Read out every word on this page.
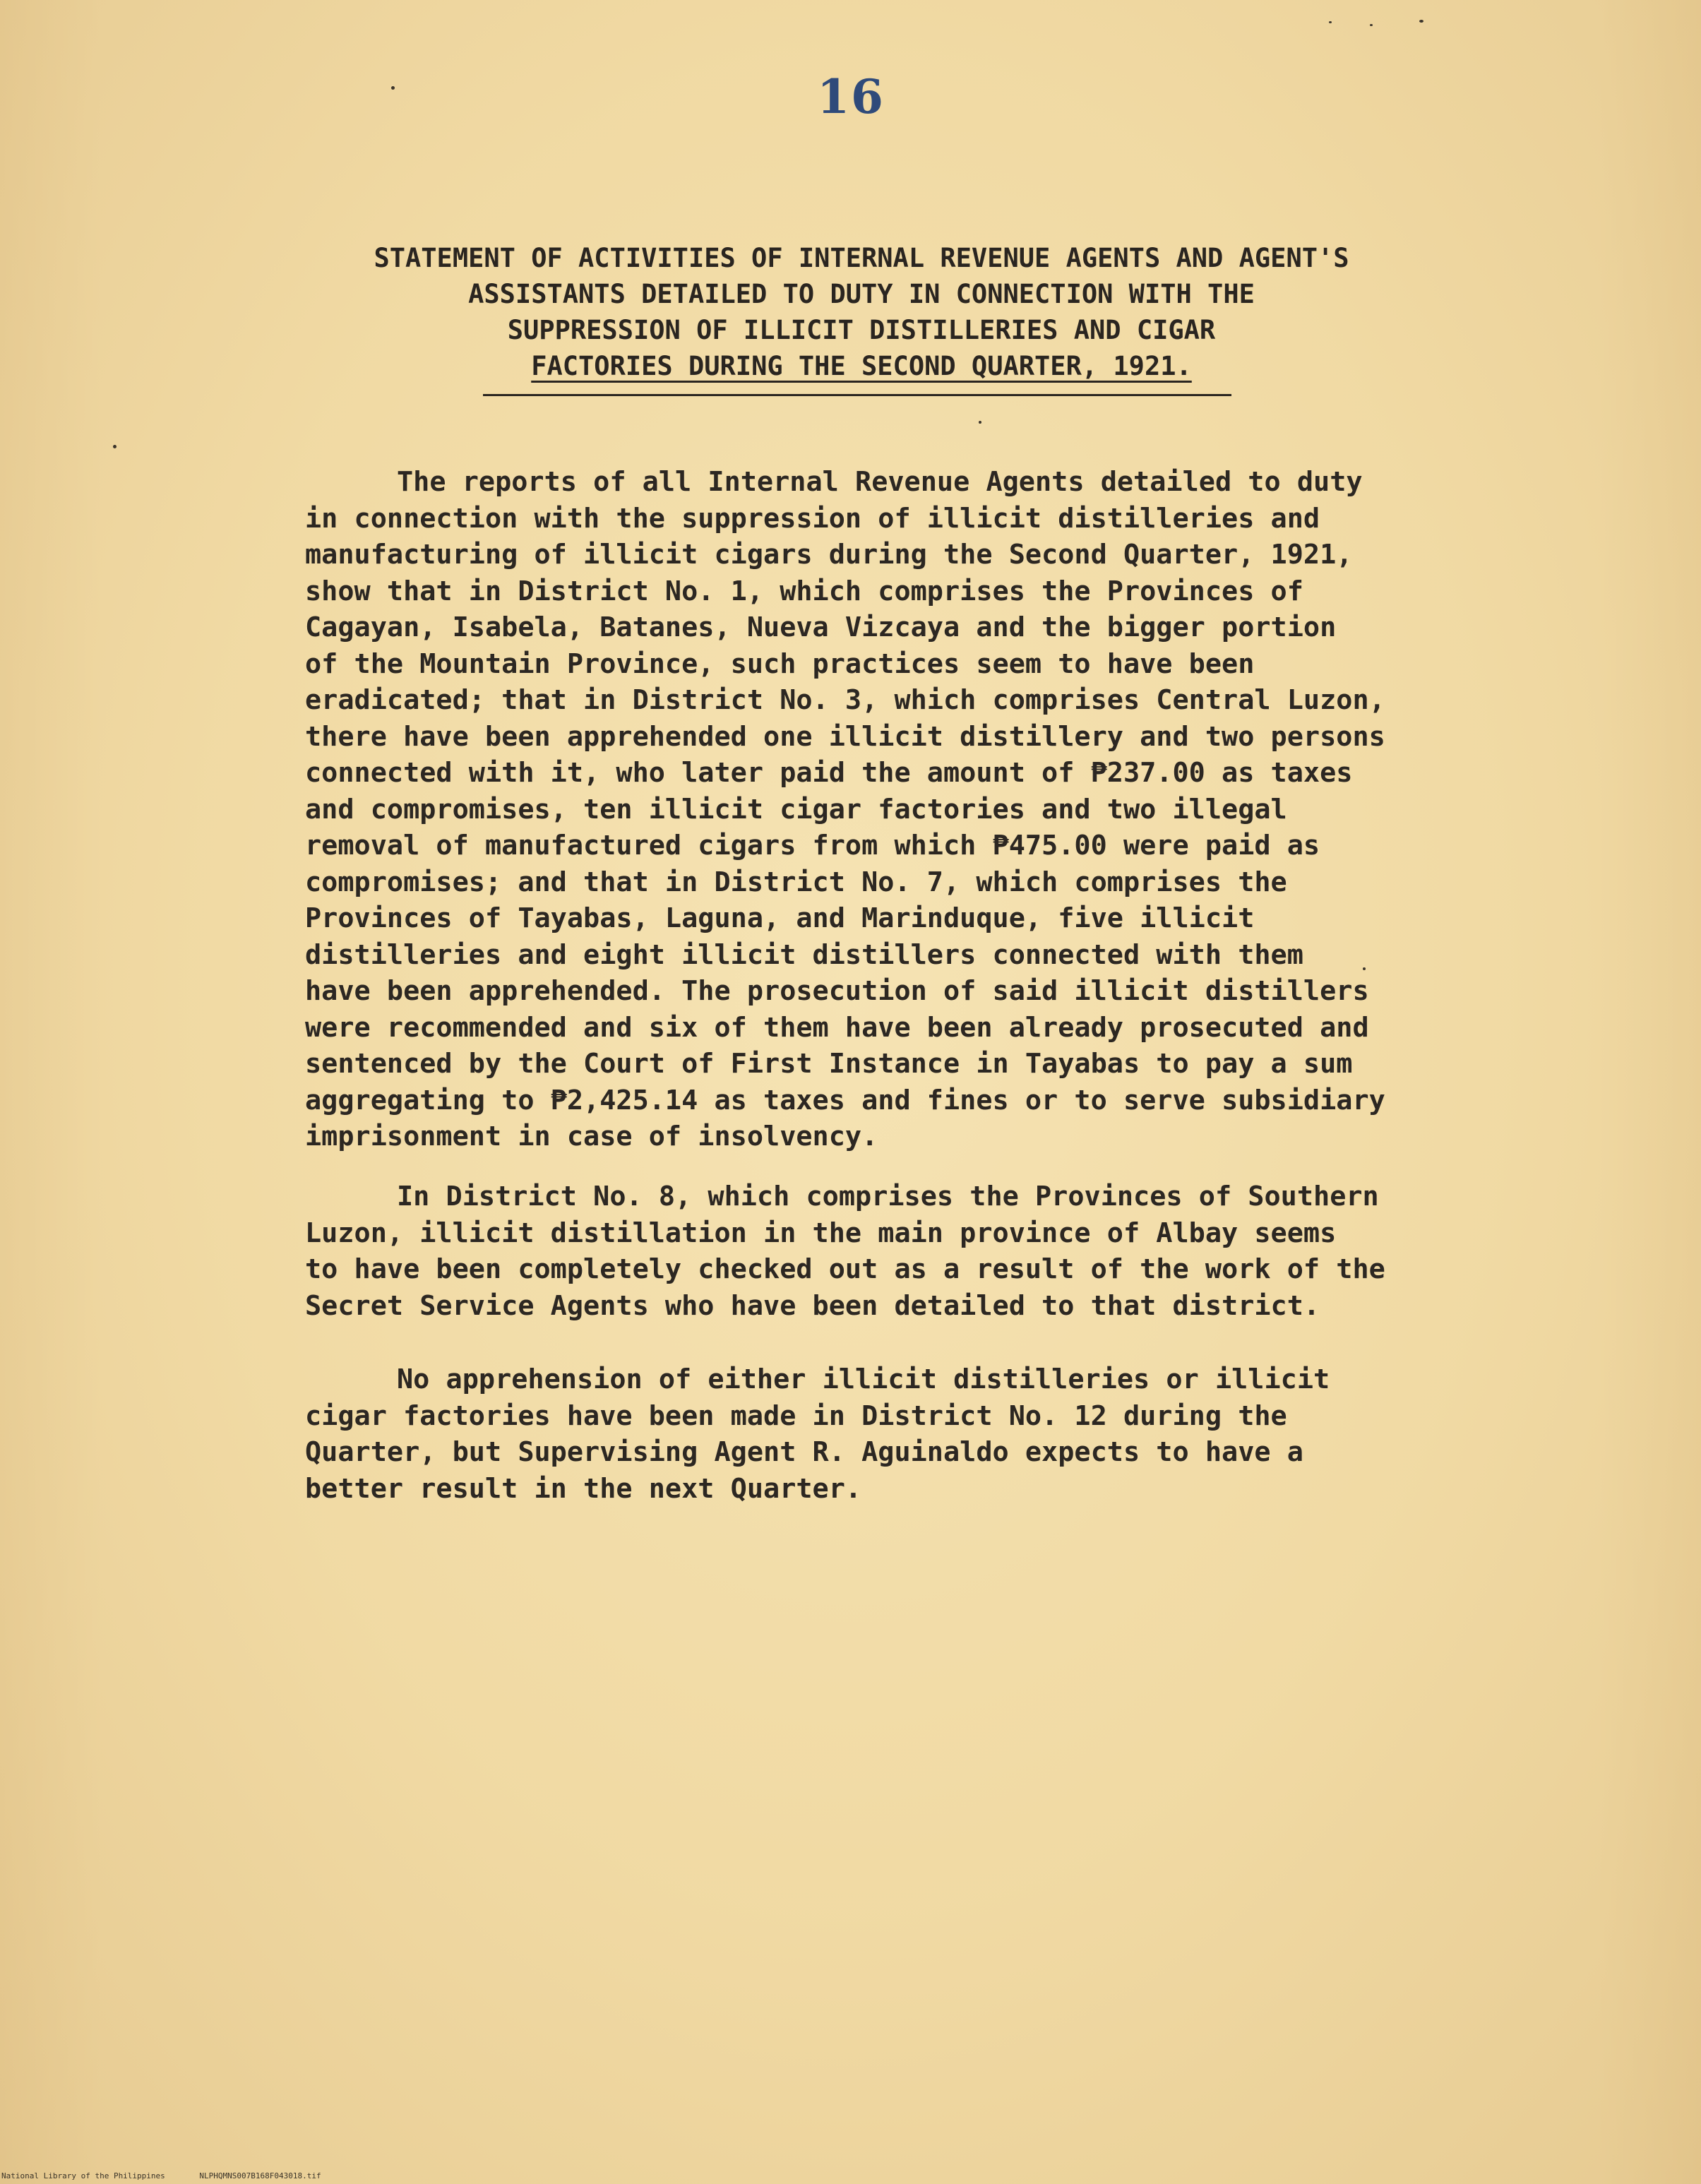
16
STATEMENT OF ACTIVITIES OF INTERNAL REVENUE AGENTS AND AGENT'S
ASSISTANTS DETAILED TO DUTY IN CONNECTION WITH THE
SUPPRESSION OF ILLICIT DISTILLERIES AND CIGAR
FACTORIES DURING THE SECOND QUARTER, 1921.
The reports of all Internal Revenue Agents detailed to duty
in connection with the suppression of illicit distilleries and
manufacturing of illicit cigars during the Second Quarter, 1921,
show that in District No. 1, which comprises the Provinces of
Cagayan, Isabela, Batanes, Nueva Vizcaya and the bigger portion
of the Mountain Province, such practices seem to have been
eradicated; that in District No. 3, which comprises Central Luzon,
there have been apprehended one illicit distillery and two persons
connected with it, who later paid the amount of ₱237.00 as taxes
and compromises, ten illicit cigar factories and two illegal
removal of manufactured cigars from which ₱475.00 were paid as
compromises; and that in District No. 7, which comprises the
Provinces of Tayabas, Laguna, and Marinduque, five illicit
distilleries and eight illicit distillers connected with them
have been apprehended. The prosecution of said illicit distillers
were recommended and six of them have been already prosecuted and
sentenced by the Court of First Instance in Tayabas to pay a sum
aggregating to ₱2,425.14 as taxes and fines or to serve subsidiary
imprisonment in case of insolvency.
In District No. 8, which comprises the Provinces of Southern
Luzon, illicit distillation in the main province of Albay seems
to have been completely checked out as a result of the work of the
Secret Service Agents who have been detailed to that district.
No apprehension of either illicit distilleries or illicit
cigar factories have been made in District No. 12 during the
Quarter, but Supervising Agent R. Aguinaldo expects to have a
better result in the next Quarter.
National Library of the Philippines	NLPHQMNS007B168F043018.tif
